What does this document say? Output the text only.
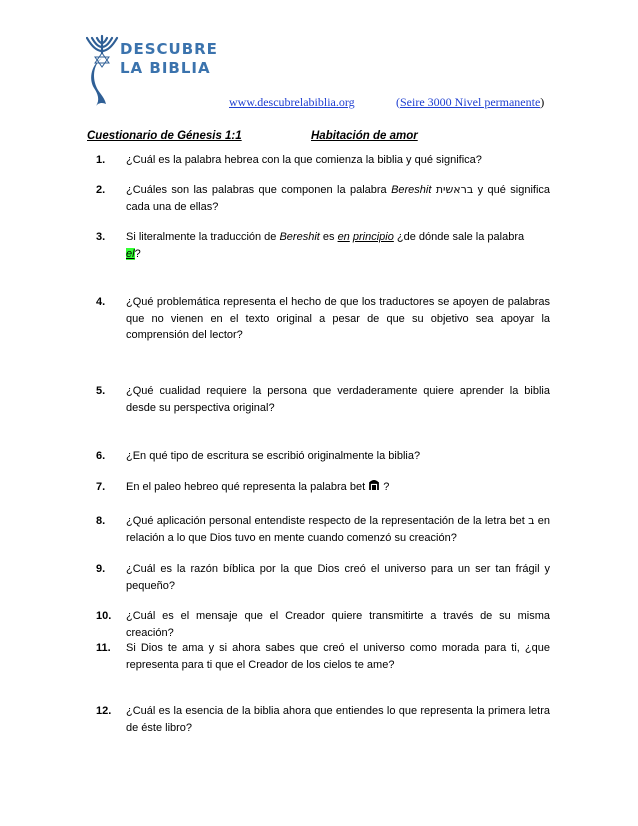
DESCUBRE
LA BIBLIA
www.descubrelabiblia.org	(Seire 3000 Nivel permanente)
Cuestionario de Génesis 1:1	Habitación de amor
1.	¿Cuál es la palabra hebrea con la que comienza la biblia y qué significa?
2.	¿Cuáles son las palabras que componen la palabra Bereshit בראשית y qué significa cada una de ellas?
3.	Si literalmente la traducción de Bereshit es en principio ¿de dónde sale la palabra
el?
4.	¿Qué problemática representa el hecho de que los traductores se apoyen de palabras que no vienen en el texto original a pesar de que su objetivo sea apoyar la comprensión del lector?
5.	¿Qué cualidad requiere la persona que verdaderamente quiere aprender la biblia desde su perspectiva original?
6.	¿En qué tipo de escritura se escribió originalmente la biblia?
7.	En el paleo hebreo qué representa la palabra bet  ?
8.	¿Qué aplicación personal entendiste respecto de la representación de la letra bet ב en relación a lo que Dios tuvo en mente cuando comenzó su creación?
9.	¿Cuál es la razón bíblica por la que Dios creó el universo para un ser tan frágil y pequeño?
10.	¿Cuál es el mensaje que el Creador quiere transmitirte a través de su misma creación?
11.	Si Dios te ama y si ahora sabes que creó el universo como morada para ti, ¿que representa para ti que el Creador de los cielos te ame?
12.	¿Cuál es la esencia de la biblia ahora que entiendes lo que representa la primera letra de éste libro?
